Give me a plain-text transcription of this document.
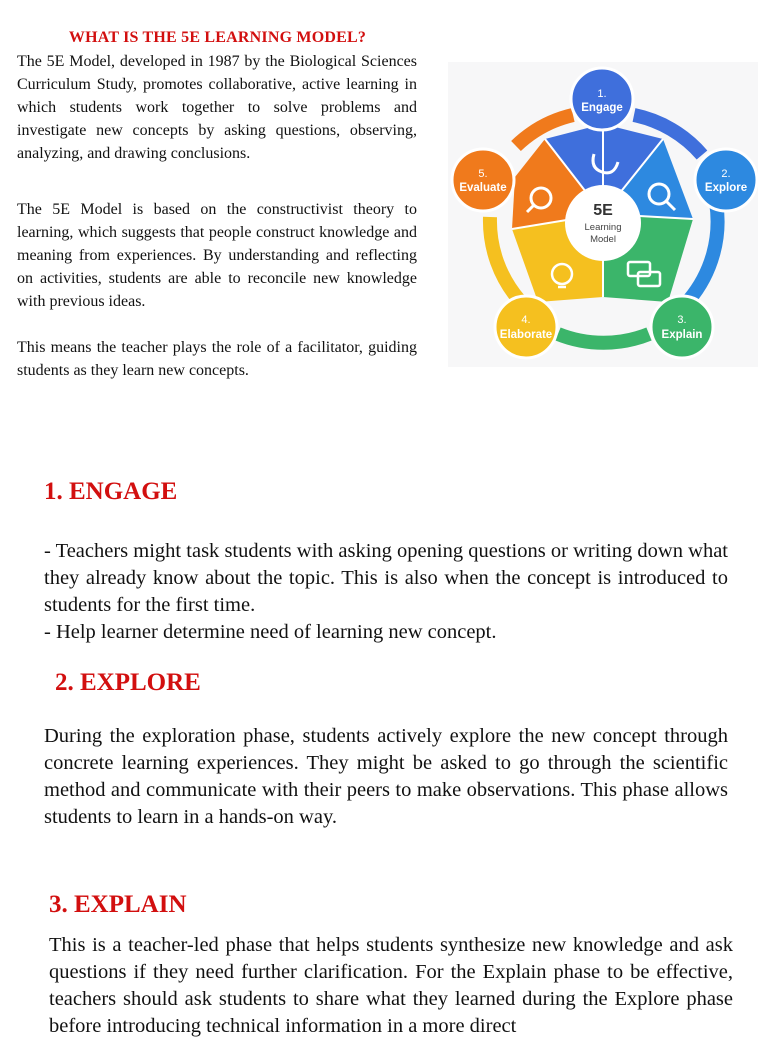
WHAT IS THE 5E LEARNING MODEL?
The 5E Model, developed in 1987 by the Biological Sciences Curriculum Study, promotes collaborative, active learning in which students work together to solve problems and investigate new concepts by asking questions, observing, analyzing, and drawing conclusions.
The 5E Model is based on the constructivist theory to learning, which suggests that people construct knowledge and meaning from experiences. By understanding and reflecting on activities, students are able to reconcile new knowledge with previous ideas.
This means the teacher plays the role of a facilitator, guiding students as they learn new concepts.
5E
Learning
Model
1.
Engage
2.
Explore
3.
Explain
4.
Elaborate
5.
Evaluate
1. ENGAGE

- Teachers might task students with asking opening questions or writing down what they already know about the topic. This is also when the concept is introduced to students for the first time.

- Help learner determine need of learning new concept.

2. EXPLORE

During the exploration phase, students actively explore the new concept through concrete learning experiences. They might be asked to go through the scientific method and communicate with their peers to make observations. This phase allows students to learn in a hands-on way.

3. EXPLAIN

This is a teacher-led phase that helps students synthesize new knowledge and ask questions if they need further clarification. For the Explain phase to be effective, teachers should ask students to share what they learned during the Explore phase before introducing technical information in a more direct
